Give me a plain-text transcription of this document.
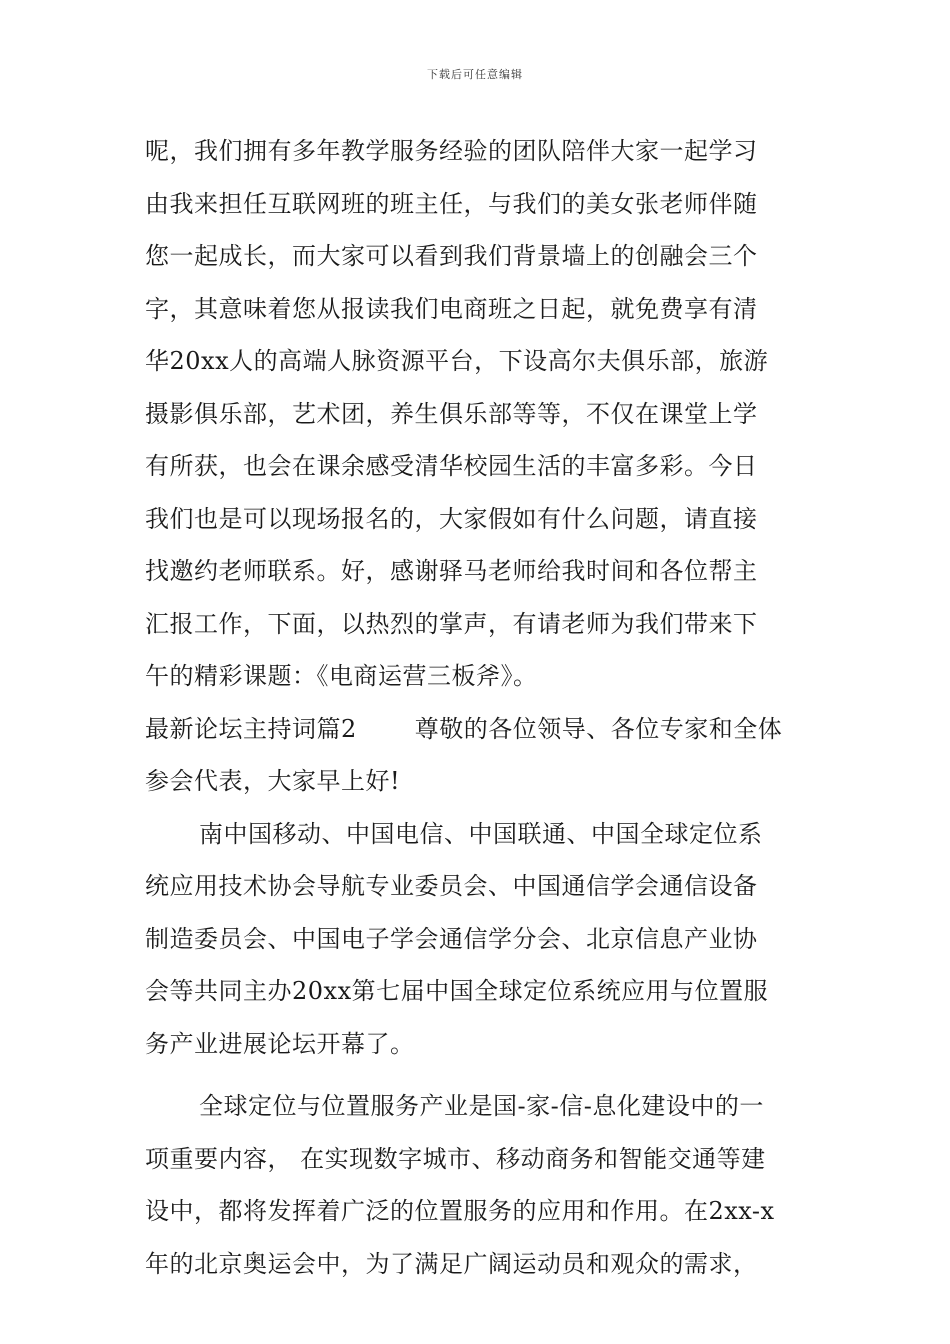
下载后可任意编辑
呢，我们拥有多年教学服务经验的团队陪伴大家一起学习
由我来担任互联网班的班主任，与我们的美女张老师伴随
您一起成长，而大家可以看到我们背景墙上的创融会三个
字，其意味着您从报读我们电商班之日起，就免费享有清
华20xx人的高端人脉资源平台，下设高尔夫俱乐部，旅游
摄影俱乐部，艺术团，养生俱乐部等等，不仅在课堂上学
有所获，也会在课余感受清华校园生活的丰富多彩。今日
我们也是可以现场报名的，大家假如有什么问题，请直接
找邀约老师联系。好，感谢驿马老师给我时间和各位帮主
汇报工作，下面，以热烈的掌声，有请老师为我们带来下
午的精彩课题：《电商运营三板斧》。
最新论坛主持词篇2 尊敬的各位领导、各位专家和全体
参会代表，大家早上好!
南中国移动、中国电信、中国联通、中国全球定位系
统应用技术协会导航专业委员会、中国通信学会通信设备
制造委员会、中国电子学会通信学分会、北京信息产业协
会等共同主办20xx第七届中国全球定位系统应用与位置服
务产业进展论坛开幕了。
全球定位与位置服务产业是国-家-信-息化建设中的一
项重要内容， 在实现数字城市、移动商务和智能交通等建
设中，都将发挥着广泛的位置服务的应用和作用。在2xx-x
年的北京奥运会中，为了满足广阔运动员和观众的需求，
